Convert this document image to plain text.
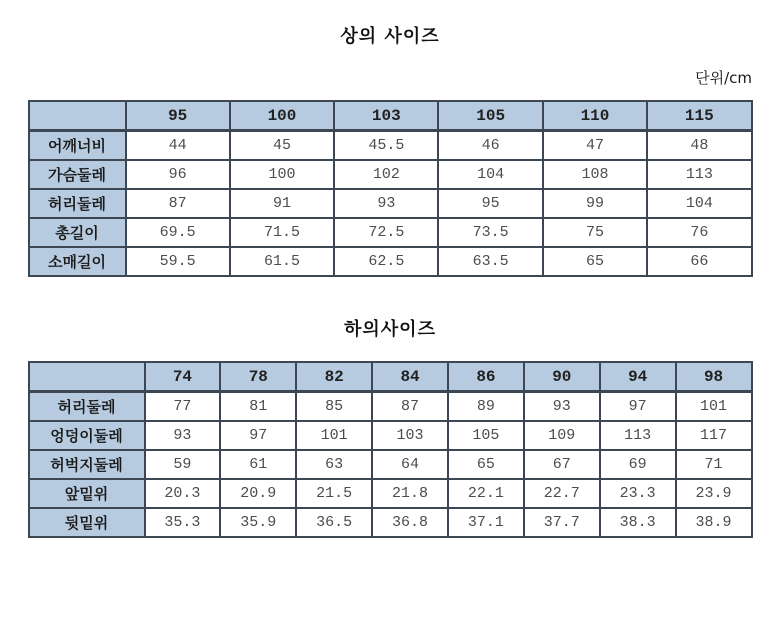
상의 사이즈
단위/cm
	95	100	103	105	110	115
어깨너비	44	45	45.5	46	47	48
가슴둘레	96	100	102	104	108	113
허리둘레	87	91	93	95	99	104
총길이	69.5	71.5	72.5	73.5	75	76
소매길이	59.5	61.5	62.5	63.5	65	66
하의사이즈
	74	78	82	84	86	90	94	98
허리둘레	77	81	85	87	89	93	97	101
엉덩이둘레	93	97	101	103	105	109	113	117
허벅지둘레	59	61	63	64	65	67	69	71
앞밑위	20.3	20.9	21.5	21.8	22.1	22.7	23.3	23.9
뒷밑위	35.3	35.9	36.5	36.8	37.1	37.7	38.3	38.9
